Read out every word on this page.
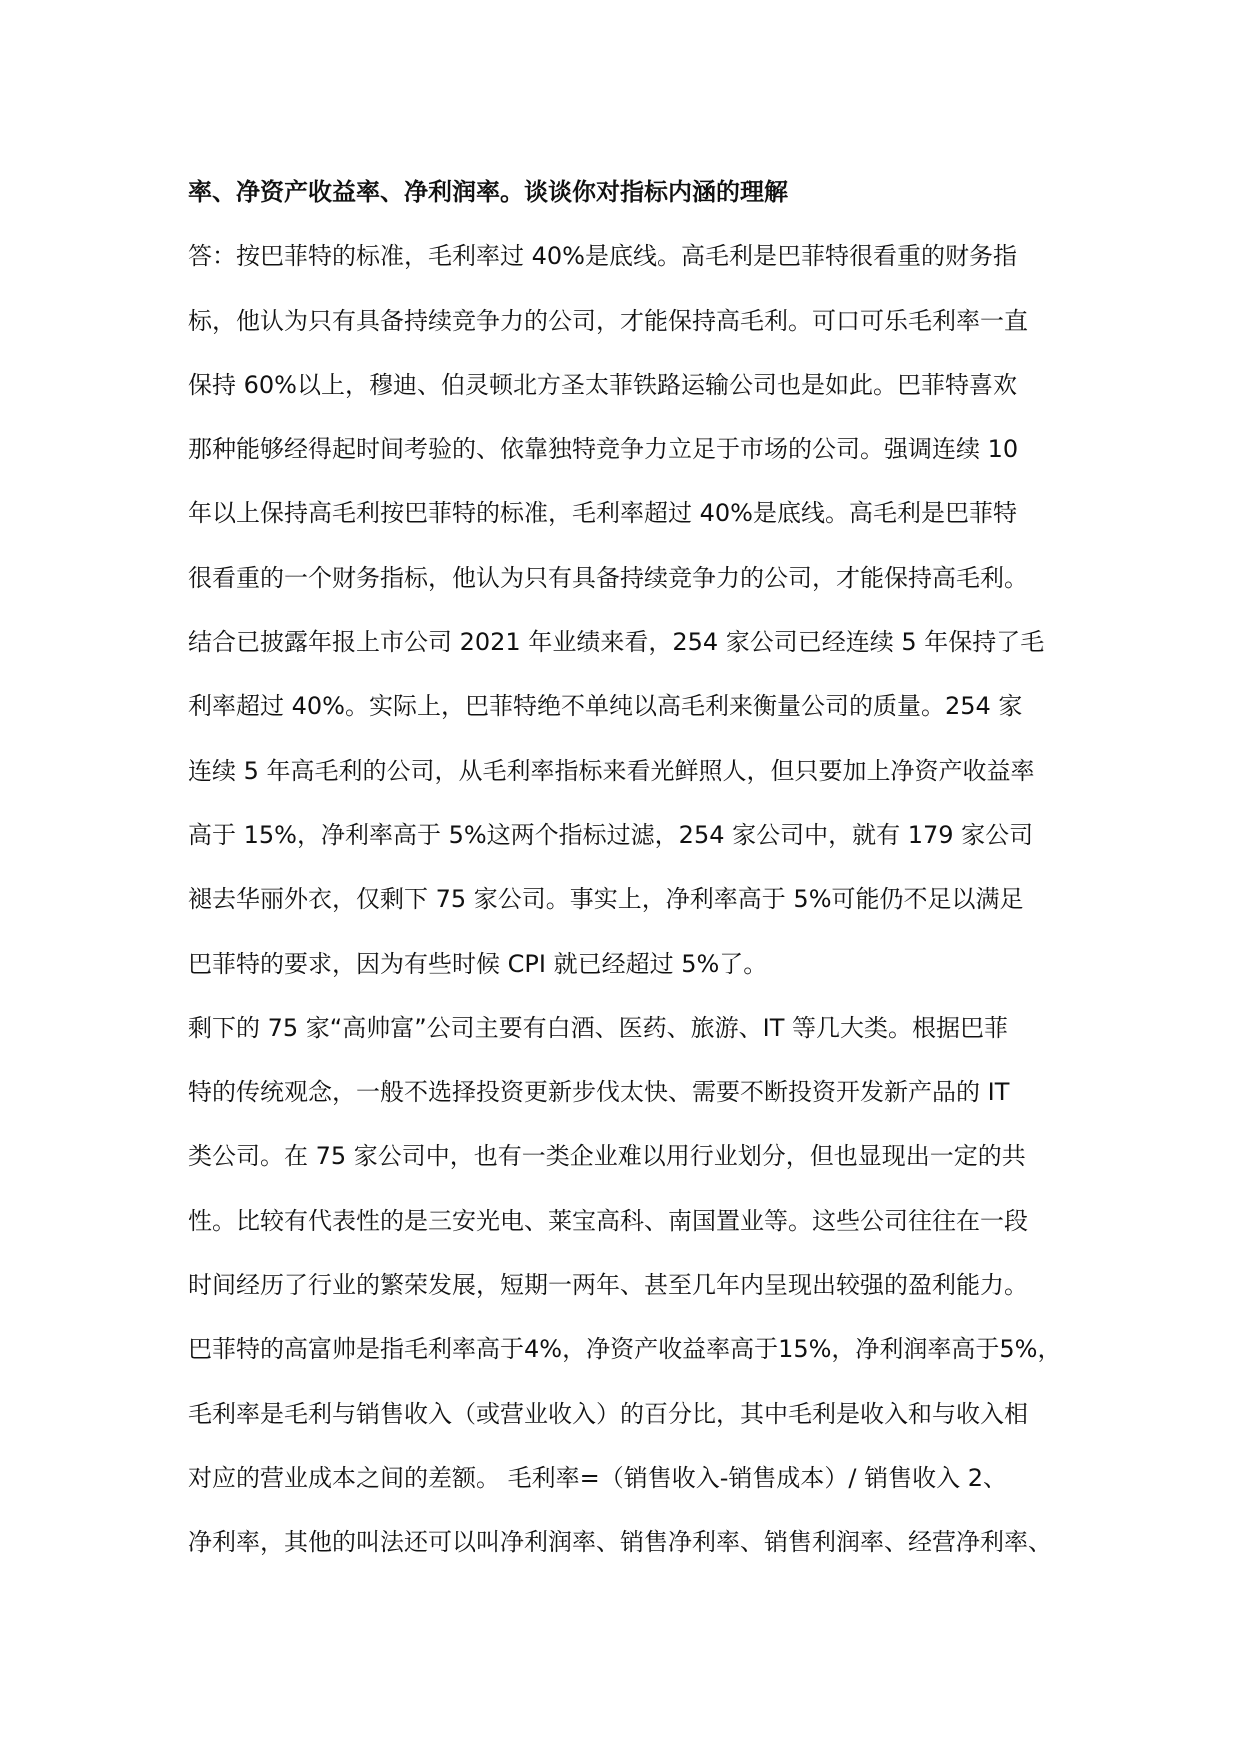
率、净资产收益率、净利润率。谈谈你对指标内涵的理解
答：按巴菲特的标准，毛利率过 40%是底线。高毛利是巴菲特很看重的财务指
标，他认为只有具备持续竞争力的公司，才能保持高毛利。可口可乐毛利率一直
保持 60%以上，穆迪、伯灵顿北方圣太菲铁路运输公司也是如此。巴菲特喜欢
那种能够经得起时间考验的、依靠独特竞争力立足于市场的公司。强调连续 10
年以上保持高毛利按巴菲特的标准，毛利率超过 40%是底线。高毛利是巴菲特
很看重的一个财务指标，他认为只有具备持续竞争力的公司，才能保持高毛利。
结合已披露年报上市公司 2021 年业绩来看，254 家公司已经连续 5 年保持了毛
利率超过 40%。实际上，巴菲特绝不单纯以高毛利来衡量公司的质量。254 家
连续 5 年高毛利的公司，从毛利率指标来看光鲜照人，但只要加上净资产收益率
高于 15%，净利率高于 5%这两个指标过滤，254 家公司中，就有 179 家公司
褪去华丽外衣，仅剩下 75 家公司。事实上，净利率高于 5%可能仍不足以满足
巴菲特的要求，因为有些时候 CPI 就已经超过 5%了。
剩下的 75 家“高帅富”公司主要有白酒、医药、旅游、IT 等几大类。根据巴菲
特的传统观念，一般不选择投资更新步伐太快、需要不断投资开发新产品的 IT
类公司。在 75 家公司中，也有一类企业难以用行业划分，但也显现出一定的共
性。比较有代表性的是三安光电、莱宝高科、南国置业等。这些公司往往在一段
时间经历了行业的繁荣发展，短期一两年、甚至几年内呈现出较强的盈利能力。
巴菲特的高富帅是指毛利率高于4%，净资产收益率高于15%，净利润率高于5%，
毛利率是毛利与销售收入（或营业收入）的百分比，其中毛利是收入和与收入相
对应的营业成本之间的差额。 毛利率=（销售收入-销售成本）/ 销售收入 2、
净利率，其他的叫法还可以叫净利润率、销售净利率、销售利润率、经营净利率、
